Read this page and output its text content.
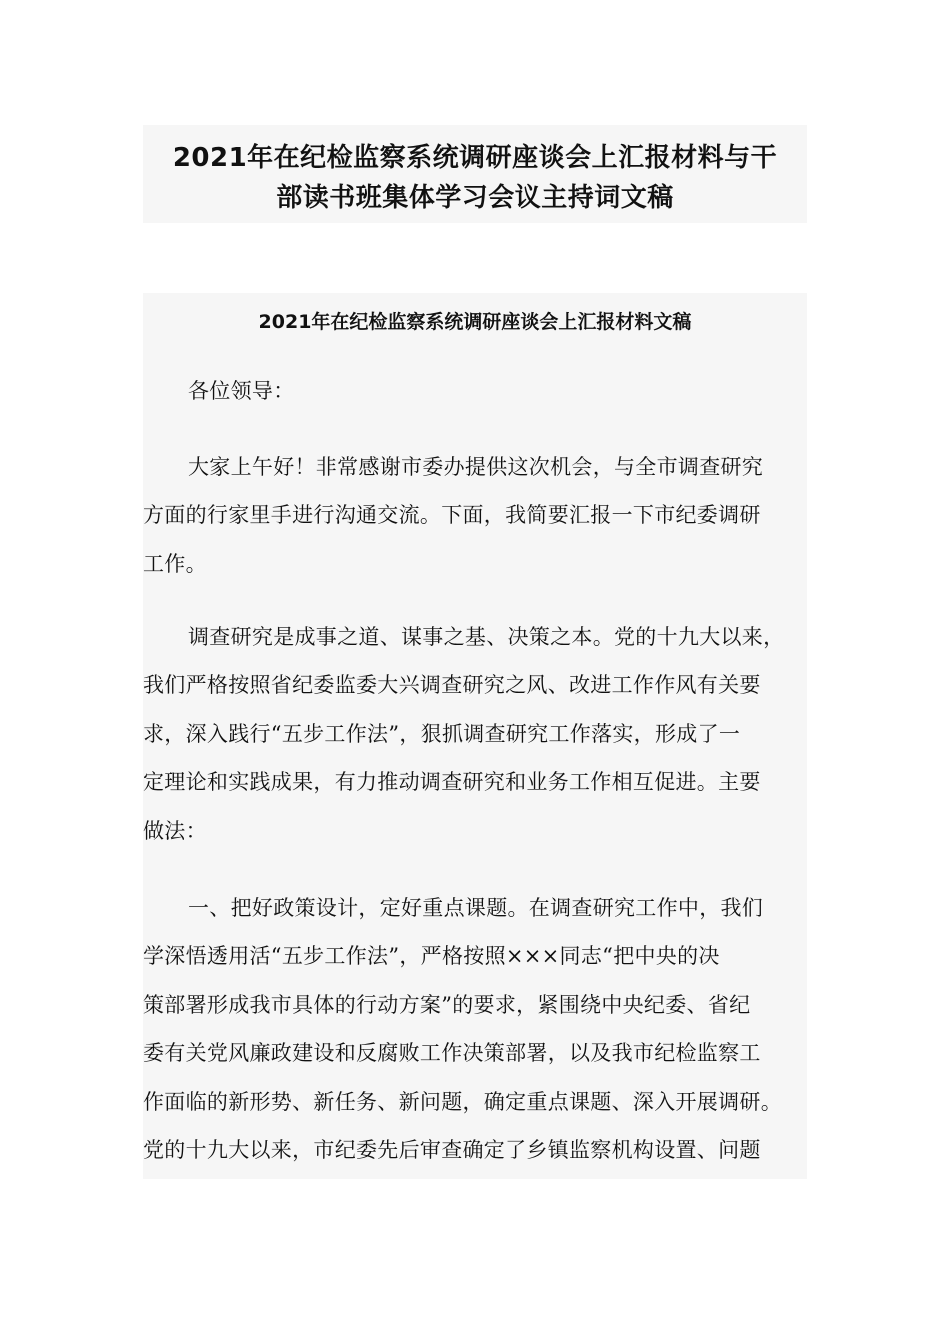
2021年在纪检监察系统调研座谈会上汇报材料与干
部读书班集体学习会议主持词文稿
2021年在纪检监察系统调研座谈会上汇报材料文稿

各位领导：

大家上午好！非常感谢市委办提供这次机会，与全市调查研究
方面的行家里手进行沟通交流。下面，我简要汇报一下市纪委调研
工作。

调查研究是成事之道、谋事之基、决策之本。党的十九大以来，
我们严格按照省纪委监委大兴调查研究之风、改进工作作风有关要
求，深入践行“五步工作法”，狠抓调查研究工作落实，形成了一
定理论和实践成果，有力推动调查研究和业务工作相互促进。主要
做法：

一、把好政策设计，定好重点课题。在调查研究工作中，我们
学深悟透用活“五步工作法”，严格按照×××同志“把中央的决
策部署形成我市具体的行动方案”的要求，紧围绕中央纪委、省纪
委有关党风廉政建设和反腐败工作决策部署，以及我市纪检监察工
作面临的新形势、新任务、新问题，确定重点课题、深入开展调研。
党的十九大以来，市纪委先后审查确定了乡镇监察机构设置、问题
